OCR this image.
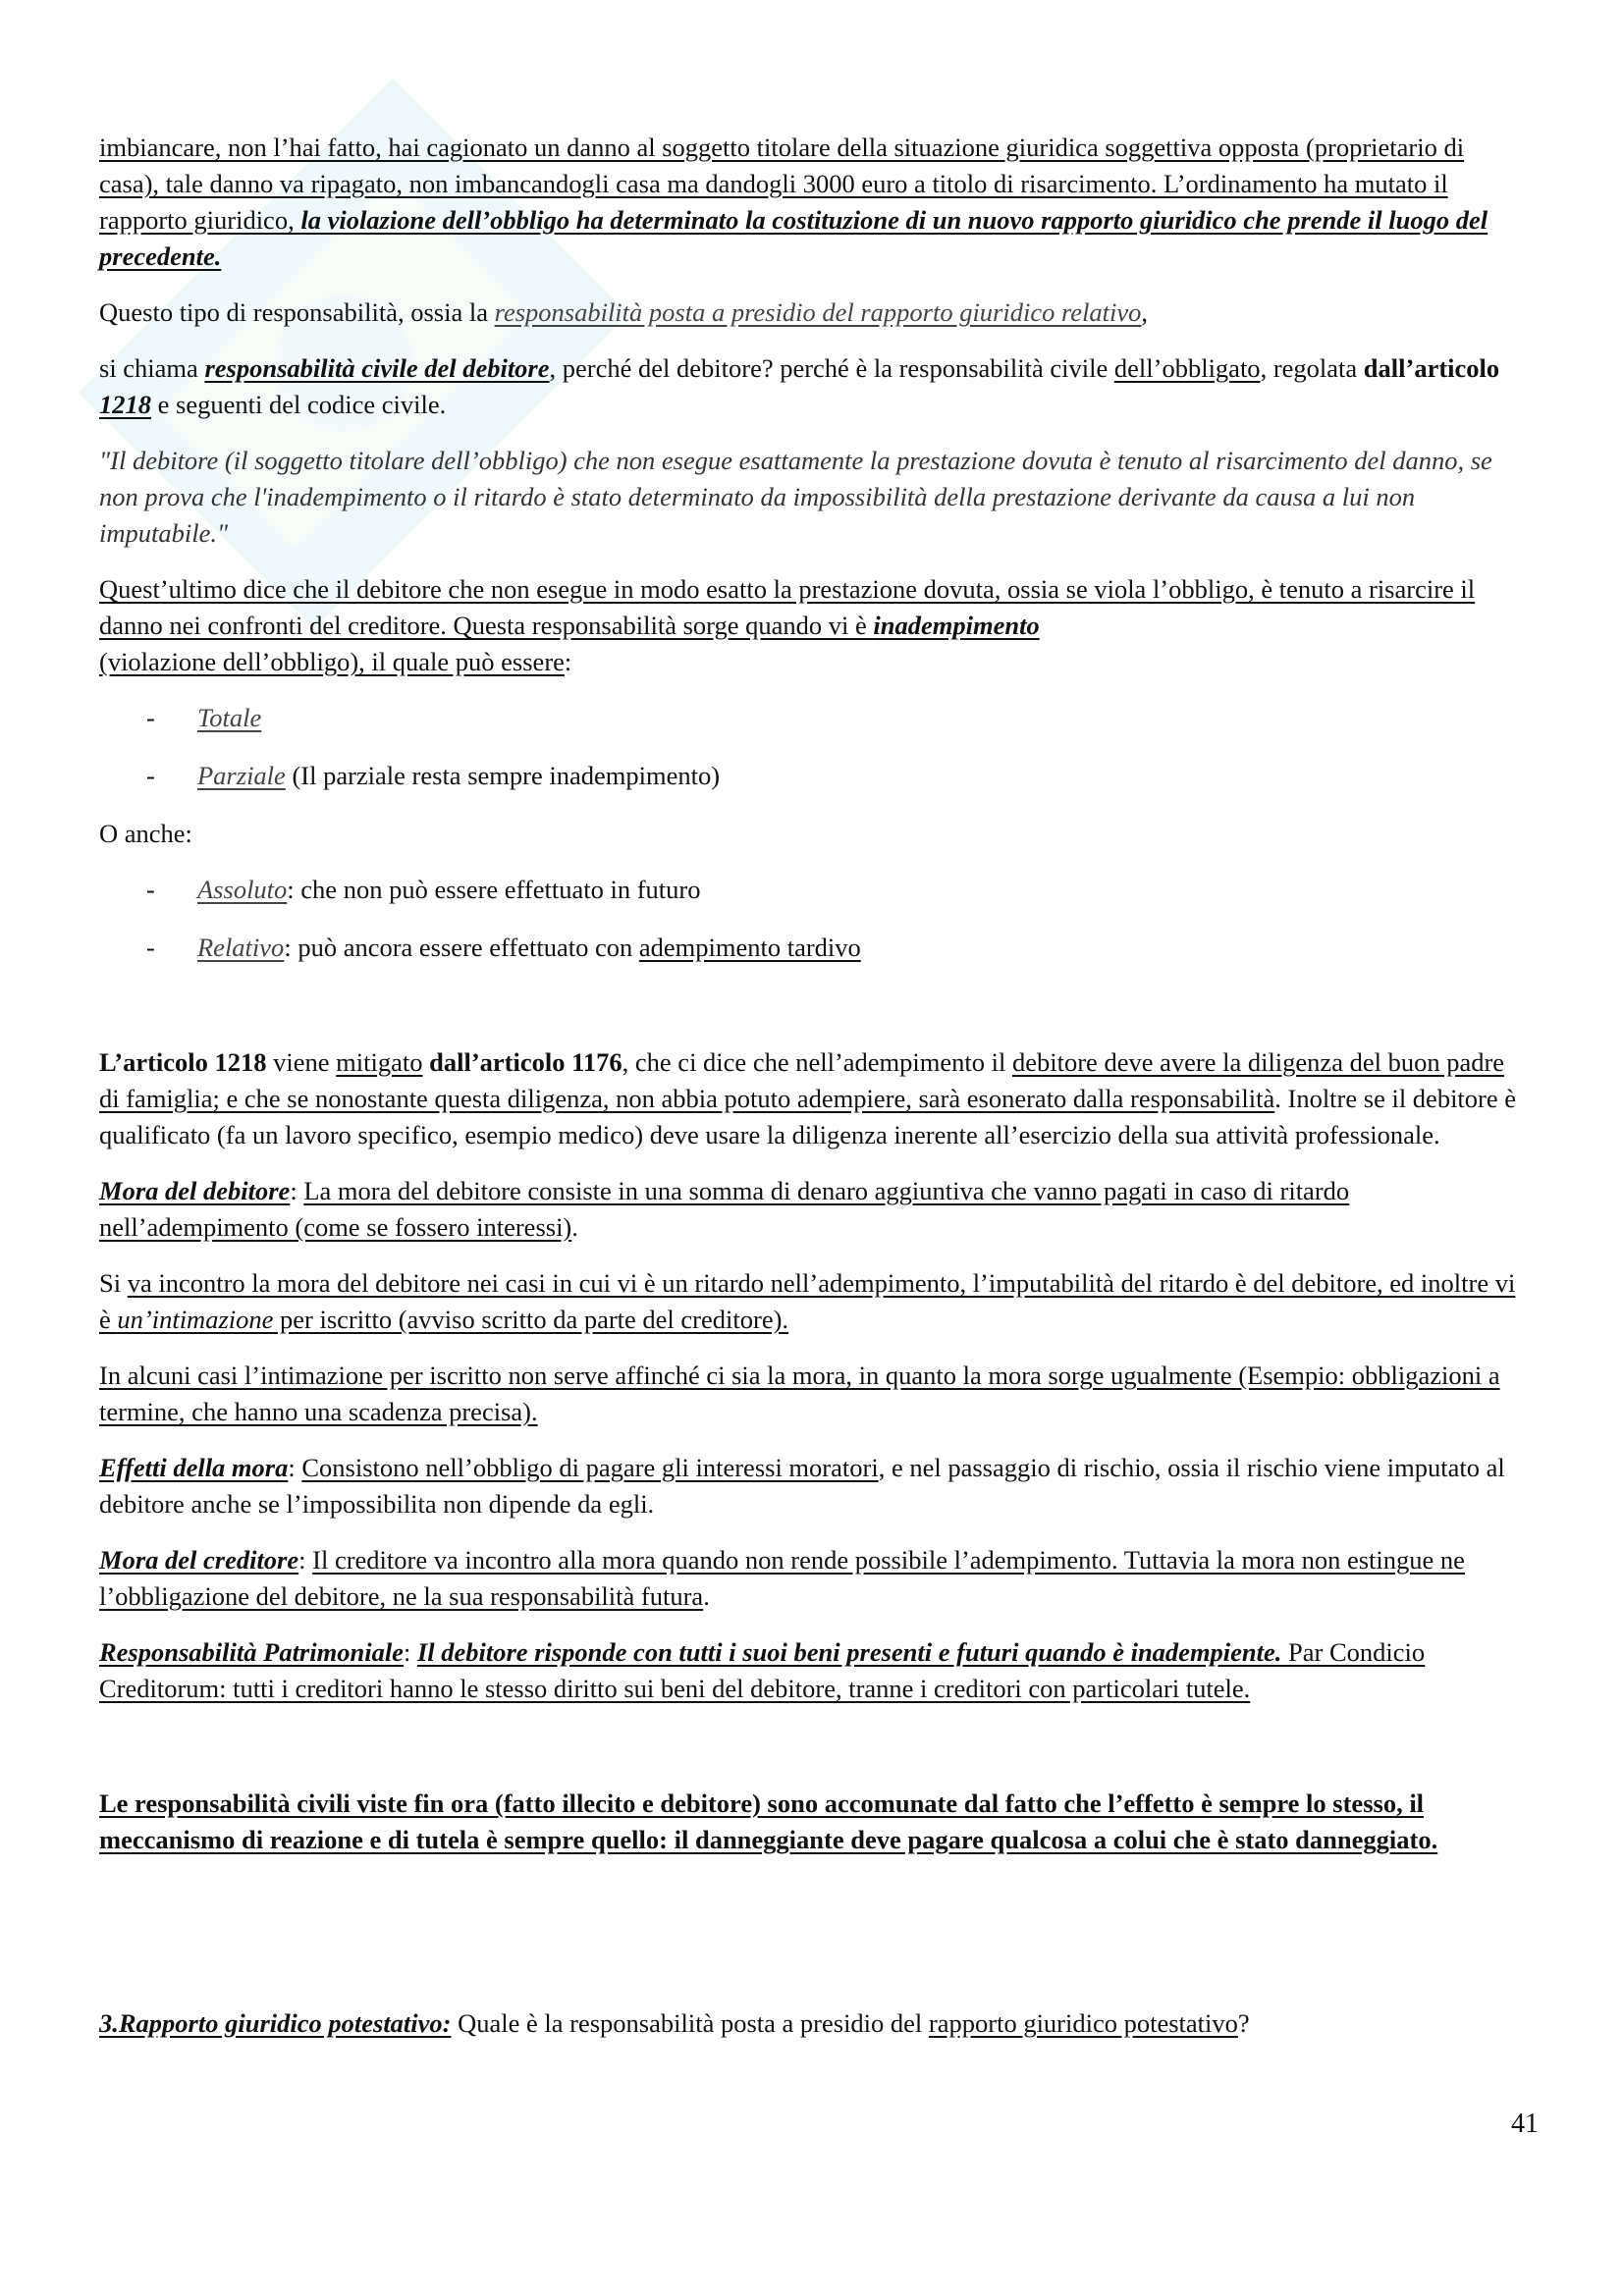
imbiancare, non l’hai fatto, hai cagionato un danno al soggetto titolare della situazione giuridica soggettiva opposta (proprietario di casa), tale danno va ripagato, non imbancandogli casa ma dandogli 3000 euro a titolo di risarcimento. L’ordinamento ha mutato il rapporto giuridico, la violazione dell’obbligo ha determinato la costituzione di un nuovo rapporto giuridico che prende il luogo del precedente.

Questo tipo di responsabilità, ossia la responsabilità posta a presidio del rapporto giuridico relativo,

si chiama responsabilità civile del debitore, perché del debitore? perché è la responsabilità civile dell’obbligato, regolata dall’articolo 1218 e seguenti del codice civile.

"Il debitore (il soggetto titolare dell’obbligo) che non esegue esattamente la prestazione dovuta è tenuto al risarcimento del danno, se non prova che l'inadempimento o il ritardo è stato determinato da impossibilità della prestazione derivante da causa a lui non imputabile."

Quest’ultimo dice che il debitore che non esegue in modo esatto la prestazione dovuta, ossia se viola l’obbligo, è tenuto a risarcire il danno nei confronti del creditore. Questa responsabilità sorge quando vi è inadempimento
(violazione dell’obbligo), il quale può essere:

- Totale
- Parziale (Il parziale resta sempre inadempimento)

O anche:

- Assoluto: che non può essere effettuato in futuro
- Relativo: può ancora essere effettuato con adempimento tardivo

L’articolo 1218 viene mitigato dall’articolo 1176, che ci dice che nell’adempimento il debitore deve avere la diligenza del buon padre di famiglia; e che se nonostante questa diligenza, non abbia potuto adempiere, sarà esonerato dalla responsabilità. Inoltre se il debitore è qualificato (fa un lavoro specifico, esempio medico) deve usare la diligenza inerente all’esercizio della sua attività professionale.

Mora del debitore: La mora del debitore consiste in una somma di denaro aggiuntiva che vanno pagati in caso di ritardo nell’adempimento (come se fossero interessi).

Si va incontro la mora del debitore nei casi in cui vi è un ritardo nell’adempimento, l’imputabilità del ritardo è del debitore, ed inoltre vi è un’intimazione per iscritto (avviso scritto da parte del creditore).

In alcuni casi l’intimazione per iscritto non serve affinché ci sia la mora, in quanto la mora sorge ugualmente (Esempio: obbligazioni a termine, che hanno una scadenza precisa).

Effetti della mora: Consistono nell’obbligo di pagare gli interessi moratori, e nel passaggio di rischio, ossia il rischio viene imputato al debitore anche se l’impossibilita non dipende da egli.

Mora del creditore: Il creditore va incontro alla mora quando non rende possibile l’adempimento. Tuttavia la mora non estingue ne l’obbligazione del debitore, ne la sua responsabilità futura.

Responsabilità Patrimoniale: Il debitore risponde con tutti i suoi beni presenti e futuri quando è inadempiente. Par Condicio Creditorum: tutti i creditori hanno le stesso diritto sui beni del debitore, tranne i creditori con particolari tutele.

Le responsabilità civili viste fin ora (fatto illecito e debitore) sono accomunate dal fatto che l’effetto è sempre lo stesso, il meccanismo di reazione e di tutela è sempre quello: il danneggiante deve pagare qualcosa a colui che è stato danneggiato.

3.Rapporto giuridico potestativo: Quale è la responsabilità posta a presidio del rapporto giuridico potestativo?

41
